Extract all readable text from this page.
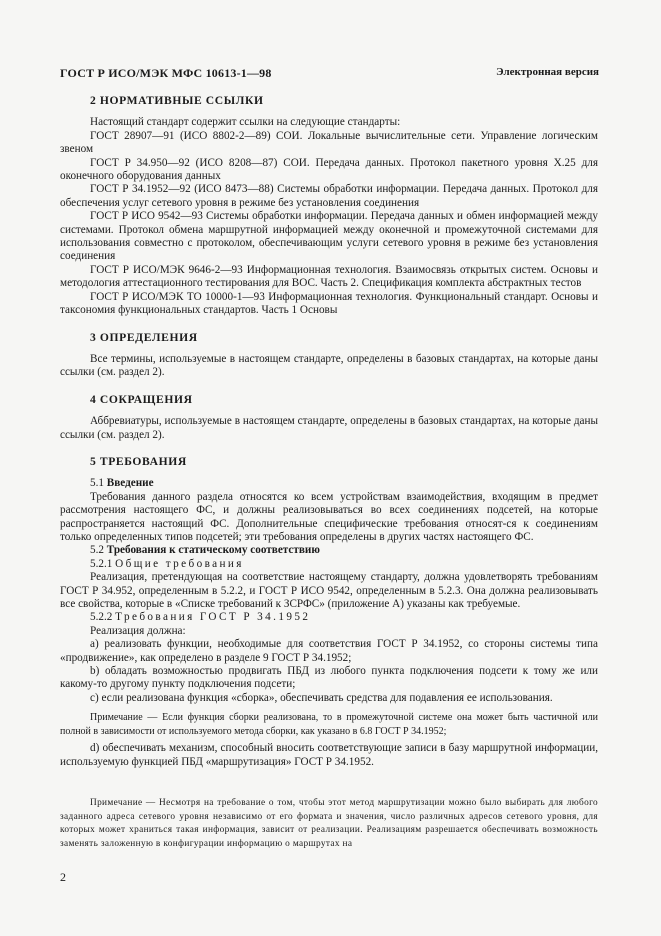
ГОСТ Р ИСО/МЭК МФС 10613-1—98	Электронная версия
2 НОРМАТИВНЫЕ ССЫЛКИ

Настоящий стандарт содержит ссылки на следующие стандарты:

ГОСТ 28907—91 (ИСО 8802-2—89) СОИ. Локальные вычислительные сети. Управление логическим звеном

ГОСТ Р 34.950—92 (ИСО 8208—87) СОИ. Передача данных. Протокол пакетного уровня Х.25 для оконечного оборудования данных

ГОСТ Р 34.1952—92 (ИСО 8473—88) Системы обработки информации. Передача данных. Протокол для обеспечения услуг сетевого уровня в режиме без установления соединения

ГОСТ Р ИСО 9542—93 Системы обработки информации. Передача данных и обмен информацией между системами. Протокол обмена маршрутной информацией между оконечной и промежуточной системами для использования совместно с протоколом, обеспечивающим услуги сетевого уровня в режиме без установления соединения

ГОСТ Р ИСО/МЭК 9646-2—93 Информационная технология. Взаимосвязь открытых систем. Основы и методология аттестационного тестирования для ВОС. Часть 2. Спецификация комплекта абстрактных тестов

ГОСТ Р ИСО/МЭК ТО 10000-1—93 Информационная технология. Функциональный стандарт. Основы и таксономия функциональных стандартов. Часть 1 Основы

3 ОПРЕДЕЛЕНИЯ

Все термины, используемые в настоящем стандарте, определены в базовых стандартах, на которые даны ссылки (см. раздел 2).

4 СОКРАЩЕНИЯ

Аббревиатуры, используемые в настоящем стандарте, определены в базовых стандартах, на которые даны ссылки (см. раздел 2).

5 ТРЕБОВАНИЯ
5.1 Введение

Требования данного раздела относятся ко всем устройствам взаимодействия, входящим в предмет рассмотрения настоящего ФС, и должны реализовываться во всех соединениях подсетей, на которые распространяется настоящий ФС. Дополнительные специфические требования относят-ся к соединениям только определенных типов подсетей; эти требования определены в других частях настоящего ФС.

5.2 Требования к статическому соответствию
5.2.1 Общие требования

Реализация, претендующая на соответствие настоящему стандарту, должна удовлетворять требованиям ГОСТ Р 34.952, определенным в 5.2.2, и ГОСТ Р ИСО 9542, определенным в 5.2.3. Она должна реализовывать все свойства, которые в «Списке требований к ЗСРФС» (приложение А) указаны как требуемые.

5.2.2 Требования ГОСТ Р 34.1952

Реализация должна:

a) реализовать функции, необходимые для соответствия ГОСТ Р 34.1952, со стороны системы типа «продвижение», как определено в разделе 9 ГОСТ Р 34.1952;

b) обладать возможностью продвигать ПБД из любого пункта подключения подсети к тому же или какому-то другому пункту подключения подсети;

c) если реализована функция «сборка», обеспечивать средства для подавления ее использования.

Примечание — Если функция сборки реализована, то в промежуточной системе она может быть частичной или полной в зависимости от используемого метода сборки, как указано в 6.8 ГОСТ Р 34.1952;

d) обеспечивать механизм, способный вносить соответствующие записи в базу маршрутной информации, используемую функцией ПБД «маршрутизация» ГОСТ Р 34.1952.

Примечание — Несмотря на требование о том, чтобы этот метод маршрутизации можно было выбирать для любого заданного адреса сетевого уровня независимо от его формата и значения, число различных адресов сетевого уровня, для которых может храниться такая информация, зависит от реализации. Реализациям разрешается обеспечивать возможность заменять заложенную в конфигурации информацию о маршрутах на

2
